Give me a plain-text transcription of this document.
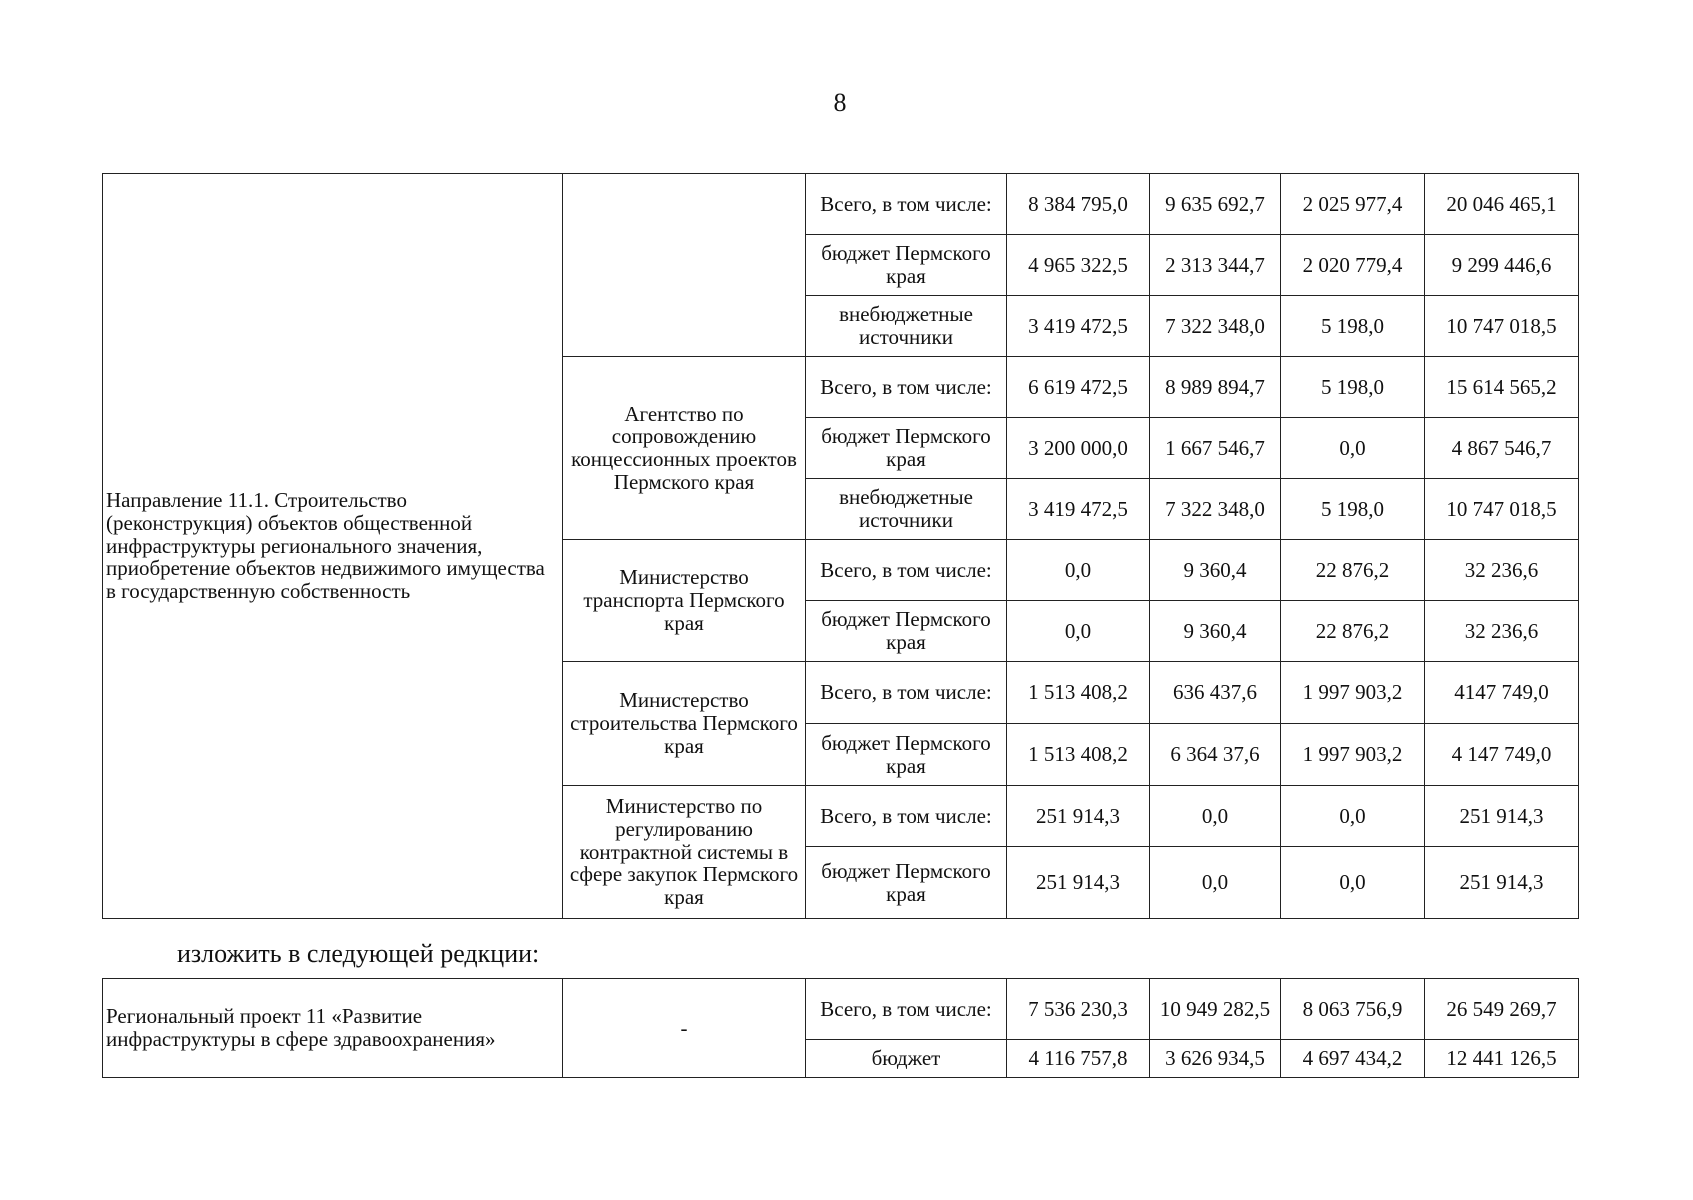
8
Направление 11.1. Строительство (реконструкция) объектов общественной инфраструктуры регионального значения, приобретение объектов недвижимого имущества в государственную собственность		Всего, в том числе:	8 384 795,0	9 635 692,7	2 025 977,4	20 046 465,1
		бюджет Пермского края	4 965 322,5	2 313 344,7	2 020 779,4	9 299 446,6
		внебюджетные источники	3 419 472,5	7 322 348,0	5 198,0	10 747 018,5
	Агентство по сопровождению концессионных проектов Пермского края	Всего, в том числе:	6 619 472,5	8 989 894,7	5 198,0	15 614 565,2
		бюджет Пермского края	3 200 000,0	1 667 546,7	0,0	4 867 546,7
		внебюджетные источники	3 419 472,5	7 322 348,0	5 198,0	10 747 018,5
	Министерство транспорта Пермского края	Всего, в том числе:	0,0	9 360,4	22 876,2	32 236,6
		бюджет Пермского края	0,0	9 360,4	22 876,2	32 236,6
	Министерство строительства Пермского края	Всего, в том числе:	1 513 408,2	636 437,6	1 997 903,2	4147 749,0
		бюджет Пермского края	1 513 408,2	6 364 37,6	1 997 903,2	4 147 749,0
	Министерство по регулированию контрактной системы в сфере закупок Пермского края	Всего, в том числе:	251 914,3	0,0	0,0	251 914,3
		бюджет Пермского края	251 914,3	0,0	0,0	251 914,3
изложить в следующей редкции:
Региональный проект 11 «Развитие инфраструктуры в сфере здравоохранения»	-	Всего, в том числе:	7 536 230,3	10 949 282,5	8 063 756,9	26 549 269,7
		бюджет	4 116 757,8	3 626 934,5	4 697 434,2	12 441 126,5
